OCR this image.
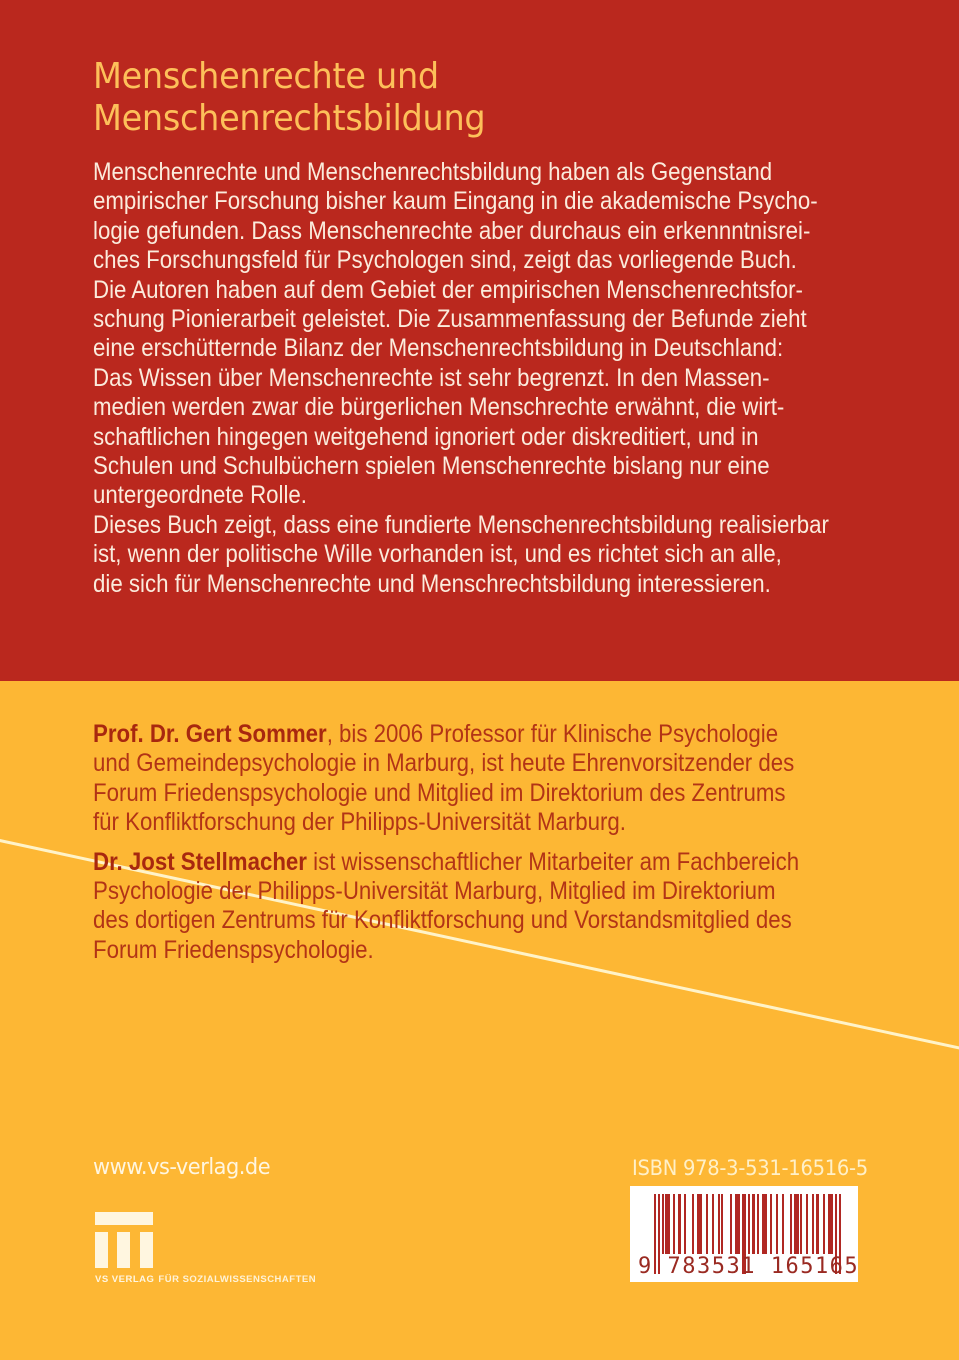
Menschenrechte und
Menschenrechtsbildung
Menschenrechte und Menschenrechtsbildung haben als Gegenstand
empirischer Forschung bisher kaum Eingang in die akademische Psycho-
logie gefunden. Dass Menschenrechte aber durchaus ein erkennntnisrei-
ches Forschungsfeld für Psychologen sind, zeigt das vorliegende Buch.
Die Autoren haben auf dem Gebiet der empirischen Menschenrechtsfor-
schung Pionierarbeit geleistet. Die Zusammenfassung der Befunde zieht
eine erschütternde Bilanz der Menschenrechtsbildung in Deutschland:
Das Wissen über Menschenrechte ist sehr begrenzt. In den Massen-
medien werden zwar die bürgerlichen Menschrechte erwähnt, die wirt-
schaftlichen hingegen weitgehend ignoriert oder diskreditiert, und in
Schulen und Schulbüchern spielen Menschenrechte bislang nur eine
untergeordnete Rolle.
Dieses Buch zeigt, dass eine fundierte Menschenrechtsbildung realisierbar
ist, wenn der politische Wille vorhanden ist, und es richtet sich an alle,
die sich für Menschenrechte und Menschrechtsbildung interessieren.
Prof. Dr. Gert Sommer, bis 2006 Professor für Klinische Psychologie
und Gemeindepsychologie in Marburg, ist heute Ehrenvorsitzender des
Forum Friedenspsychologie und Mitglied im Direktorium des Zentrums
für Konfliktforschung der Philipps-Universität Marburg.
Dr. Jost Stellmacher ist wissenschaftlicher Mitarbeiter am Fachbereich
Psychologie der Philipps-Universität Marburg, Mitglied im Direktorium
des dortigen Zentrums für Konfliktforschung und Vorstandsmitglied des
Forum Friedenspsychologie.
www.vs-verlag.de
VS VERLAG FÜR SOZIALWISSENSCHAFTEN
ISBN 978-3-531-16516-5
9 783531 165165
